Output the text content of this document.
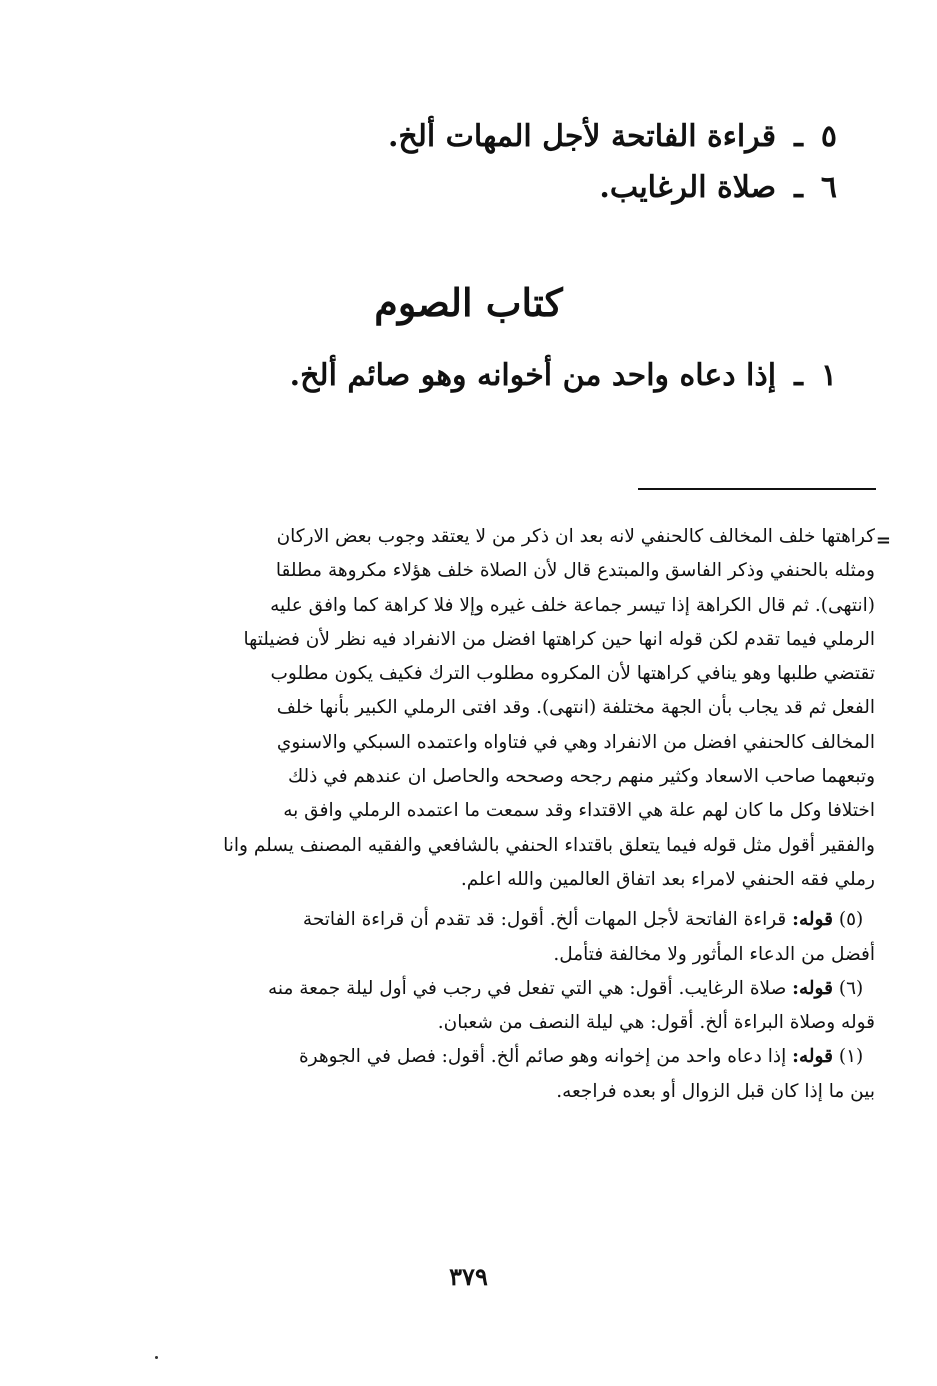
٥ـقراءة الفاتحة لأجل المهات ألخ.
٦ـصلاة الرغايب.
كتاب الصوم
١ـإذا دعاه واحد من أخوانه وهو صائم ألخ.
=
كراهتها خلف المخالف كالحنفي لانه بعد ان ذكر من لا يعتقد وجوب بعض الاركان
ومثله بالحنفي وذكر الفاسق والمبتدع قال لأن الصلاة خلف هؤلاء مكروهة مطلقا
(انتهى). ثم قال الكراهة إذا تيسر جماعة خلف غيره وإلا فلا كراهة كما وافق عليه
الرملي فيما تقدم لكن قوله انها حين كراهتها افضل من الانفراد فيه نظر لأن فضيلتها
تقتضي طلبها وهو ينافي كراهتها لأن المكروه مطلوب الترك فكيف يكون مطلوب
الفعل ثم قد يجاب بأن الجهة مختلفة (انتهى). وقد افتى الرملي الكبير بأنها خلف
المخالف كالحنفي افضل من الانفراد وهي في فتاواه واعتمده السبكي والاسنوي
وتبعهما صاحب الاسعاد وكثير منهم رجحه وصححه والحاصل ان عندهم في ذلك
اختلافا وكل ما كان لهم علة هي الاقتداء وقد سمعت ما اعتمده الرملي وافق به
والفقير أقول مثل قوله فيما يتعلق باقتداء الحنفي بالشافعي والفقيه المصنف يسلم وانا
رملي فقه الحنفي لامراء بعد اتفاق العالمين والله اعلم.
(٥) قوله: قراءة الفاتحة لأجل المهات ألخ. أقول: قد تقدم أن قراءة الفاتحة
أفضل من الدعاء المأثور ولا مخالفة فتأمل.
(٦) قوله: صلاة الرغايب. أقول: هي التي تفعل في رجب في أول ليلة جمعة منه
قوله وصلاة البراءة ألخ. أقول: هي ليلة النصف من شعبان.
(١) قوله: إذا دعاه واحد من إخوانه وهو صائم ألخ. أقول: فصل في الجوهرة
بين ما إذا كان قبل الزوال أو بعده فراجعه.
٣٧٩
